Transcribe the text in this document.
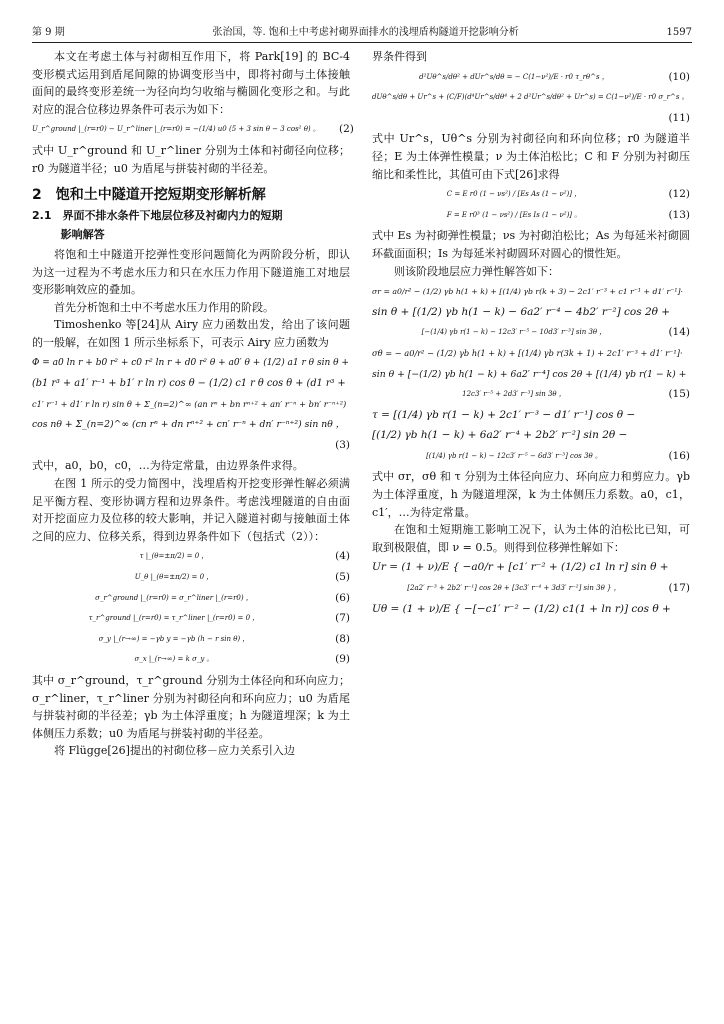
第 9 期	张治国，等. 饱和土中考虑衬砌界面排水的浅埋盾构隧道开挖影响分析	1597

本文在考虑土体与衬砌相互作用下，将 Park[19] 的 BC-4 变形模式运用到盾尾间隙的协调变形当中，即将衬砌与土体接触面间的最终变形差统一为径向均匀收缩与椭圆化变形之和。与此对应的混合位移边界条件可表示为如下：

U_r^ground |_(r=r0) − U_r^liner |_(r=r0) = −(1/4) u0 (5 + 3 sin θ − 3 cos² θ) 。	(2)

式中 U_r^ground 和 U_r^liner 分别为土体和衬砌径向位移；r0 为隧道半径；u0 为盾尾与拼装衬砌的半径差。

2　饱和土中隧道开挖短期变形解析解
2.1　界面不排水条件下地层位移及衬砌内力的短期
影响解答

将饱和土中隧道开挖弹性变形问题简化为两阶段分析，即认为这一过程为不考虑水压力和只在水压力作用下隧道施工对地层变形影响效应的叠加。

首先分析饱和土中不考虑水压力作用的阶段。

Timoshenko 等[24]从 Airy 应力函数出发，给出了该问题的一般解，在如图 1 所示坐标系下，可表示 Airy 应力函数为

Φ = a0 ln r + b0 r² + c0 r² ln r + d0 r² θ + a0′ θ + (1/2) a1 r θ sin θ +
(b1 r³ + a1′ r⁻¹ + b1′ r ln r) cos θ − (1/2) c1 r θ cos θ + (d1 r³ +
c1′ r⁻¹ + d1′ r ln r) sin θ + Σ_(n=2)^∞ (an rⁿ + bn rⁿ⁺² + an′ r⁻ⁿ + bn′ r⁻ⁿ⁺²)
cos nθ + Σ_(n=2)^∞ (cn rⁿ + dn rⁿ⁺² + cn′ r⁻ⁿ + dn′ r⁻ⁿ⁺²) sin nθ ，
(3)

式中，a0，b0，c0，…为待定常量，由边界条件求得。

在图 1 所示的受力简图中，浅埋盾构开挖变形弹性解必须满足平衡方程、变形协调方程和边界条件。考虑浅埋隧道的自由面对开挖面应力及位移的较大影响，并记入隧道衬砌与接触面土体之间的应力、位移关系，得到边界条件如下（包括式（2））：

τ |_(θ=±π/2) = 0 ，	(4)
U_θ |_(θ=±π/2) = 0 ，	(5)
σ_r^ground |_(r=r0) = σ_r^liner |_(r=r0) ，	(6)
τ_r^ground |_(r=r0) = τ_r^liner |_(r=r0) = 0 ，	(7)
σ_y |_(r→∞) = −γb y = −γb (h − r sin θ) ，	(8)
σ_x |_(r→∞) = k σ_y 。	(9)

其中 σ_r^ground，τ_r^ground 分别为土体径向和环向应力；σ_r^liner，τ_r^liner 分别为衬砌径向和环向应力；u0 为盾尾与拼装衬砌的半径差；γb 为土体浮重度；h 为隧道埋深；k 为土体侧压力系数；u0 为盾尾与拼装衬砌的半径差。

将 Flügge[26]提出的衬砌位移－应力关系引入边

界条件得到

d²Uθ^s/dθ² + dUr^s/dθ = − C(1−ν²)/E · r0 τ_rθ^s ，	(10)
dUθ^s/dθ + Ur^s + (C/F)(d⁴Ur^s/dθ⁴ + 2 d²Ur^s/dθ² + Ur^s) = C(1−ν²)/E · r0 σ_r^s 。
(11)

式中 Ur^s，Uθ^s 分别为衬砌径向和环向位移；r0 为隧道半径；E 为土体弹性模量；ν 为土体泊松比；C 和 F 分别为衬砌压缩比和柔性比，其值可由下式[26]求得

C = E r0 (1 − νs²) / [Es As (1 − ν²)] ，	(12)
F = E r0³ (1 − νs²) / [Es Is (1 − ν²)] 。	(13)

式中 Es 为衬砌弹性模量；νs 为衬砌泊松比；As 为每延米衬砌圆环截面面积；Is 为每延米衬砌圆环对圆心的惯性矩。

则该阶段地层应力弹性解答如下：

σr = a0/r² − (1/2) γb h(1 + k) + [(1/4) γb r(k + 3) − 2c1′ r⁻³ + c1 r⁻¹ + d1′ r⁻¹]·
sin θ + [(1/2) γb h(1 − k) − 6a2′ r⁻⁴ − 4b2′ r⁻²] cos 2θ +
[−(1/4) γb r(1 − k) − 12c3′ r⁻⁵ − 10d3′ r⁻³] sin 3θ ，	(14)
σθ = − a0/r² − (1/2) γb h(1 + k) + [(1/4) γb r(3k + 1) + 2c1′ r⁻³ + d1′ r⁻¹]·
sin θ + [−(1/2) γb h(1 − k) + 6a2′ r⁻⁴] cos 2θ + [(1/4) γb r(1 − k) +
12c3′ r⁻⁵ + 2d3′ r⁻³] sin 3θ ，	(15)
τ = [(1/4) γb r(1 − k) + 2c1′ r⁻³ − d1′ r⁻¹] cos θ −
[(1/2) γb h(1 − k) + 6a2′ r⁻⁴ + 2b2′ r⁻²] sin 2θ −
[(1/4) γb r(1 − k) − 12c3′ r⁻⁵ − 6d3′ r⁻³] cos 3θ 。	(16)

式中 σr，σθ 和 τ 分别为土体径向应力、环向应力和剪应力。γb 为土体浮重度，h 为隧道埋深，k 为土体侧压力系数。a0，c1，c1′，…为待定常量。

在饱和土短期施工影响工况下，认为土体的泊松比已知，可取到极限值，即 ν = 0.5。则得到位移弹性解如下：

Ur = (1 + ν)/E { −a0/r + [c1′ r⁻² + (1/2) c1 ln r] sin θ +
[2a2′ r⁻³ + 2b2′ r⁻¹] cos 2θ + [3c3′ r⁻⁴ + 3d3′ r⁻²] sin 3θ } ，	(17)
Uθ = (1 + ν)/E { −[−c1′ r⁻² − (1/2) c1(1 + ln r)] cos θ +
